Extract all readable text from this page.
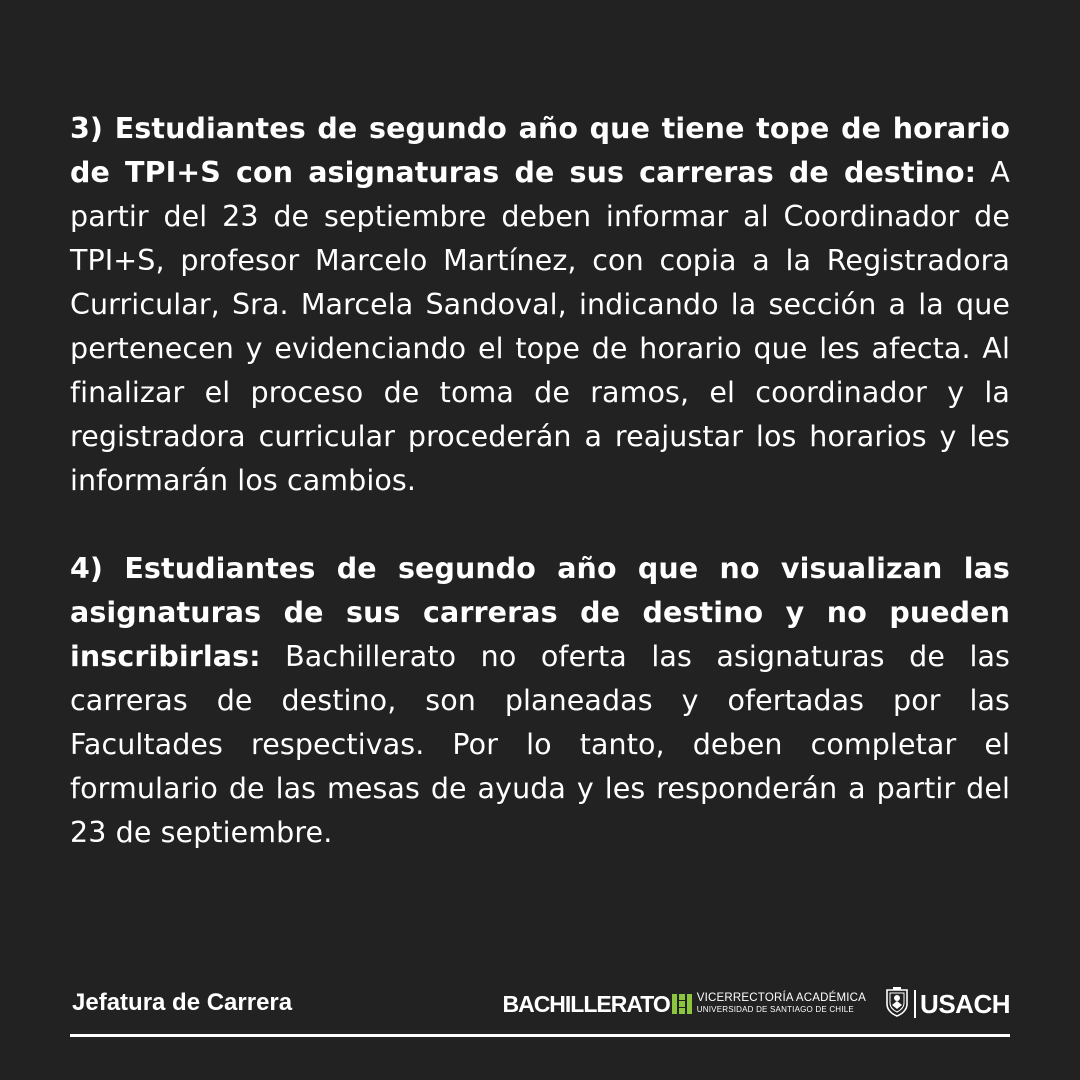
3) Estudiantes de segundo año que tiene tope de horario de TPI+S con asignaturas de sus carreras de destino: A partir del 23 de septiembre deben informar al Coordinador de TPI+S, profesor Marcelo Martínez, con copia a la Registradora Curricular, Sra. Marcela Sandoval, indicando la sección a la que pertenecen y evidenciando el tope de horario que les afecta. Al finalizar el proceso de toma de ramos, el coordinador y la registradora curricular procederán a reajustar los horarios y les informarán los cambios.

4) Estudiantes de segundo año que no visualizan las asignaturas de sus carreras de destino y no pueden inscribirlas: Bachillerato no oferta las asignaturas de las carreras de destino, son planeadas y ofertadas por las Facultades respectivas. Por lo tanto, deben completar el formulario de las mesas de ayuda y les responderán a partir del 23 de septiembre.

Jefatura de Carrera	BACHILLERATO VICERRECTORÍA ACADÉMICA
UNIVERSIDAD DE SANTIAGO DE CHILE	USACH
